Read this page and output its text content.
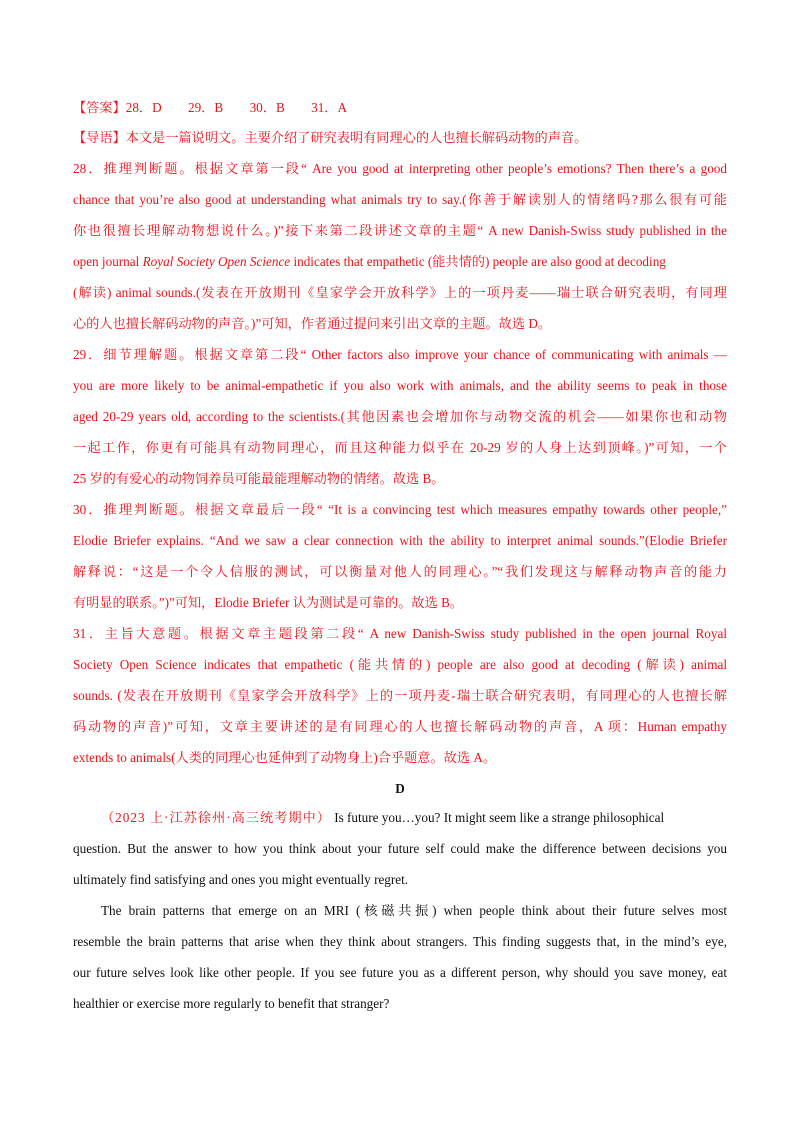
【答案】28．D　　29．B　　30．B　　31．A
【导语】本文是一篇说明文。主要介绍了研究表明有同理心的人也擅长解码动物的声音。
28．推理判断题。根据文章第一段“ Are you good at interpreting other people’s emotions? Then there’s a good
chance that you’re also good at understanding what animals try to say.(你善于解读别人的情绪吗?那么很有可能
你也很擅长理解动物想说什么。)”接下来第二段讲述文章的主题“ A new Danish-Swiss study published in the
open journal Royal Society Open Science indicates that empathetic (能共情的) people are also good at decoding
(解读) animal sounds.(发表在开放期刊《皇家学会开放科学》上的一项丹麦——瑞士联合研究表明，有同理
心的人也擅长解码动物的声音。)”可知，作者通过提问来引出文章的主题。故选 D。
29．细节理解题。根据文章第二段“ Other factors also improve your chance of communicating with animals —
you are more likely to be animal-empathetic if you also work with animals, and the ability seems to peak in those
aged 20-29 years old, according to the scientists.(其他因素也会增加你与动物交流的机会——如果你也和动物
一起工作，你更有可能具有动物同理心，而且这种能力似乎在 20-29 岁的人身上达到顶峰。)”可知，一个
25 岁的有爱心的动物饲养员可能最能理解动物的情绪。故选 B。
30．推理判断题。根据文章最后一段“ “It is a convincing test which measures empathy towards other people,”
Elodie Briefer explains. “And we saw a clear connection with the ability to interpret animal sounds.”(Elodie Briefer
解释说：“这是一个令人信服的测试，可以衡量对他人的同理心。”“我们发现这与解释动物声音的能力
有明显的联系。”)”可知，Elodie Briefer 认为测试是可靠的。故选 B。
31．主旨大意题。根据文章主题段第二段“ A new Danish-Swiss study published in the open journal Royal
Society Open Science indicates that empathetic (能共情的) people are also good at decoding (解读) animal
sounds. (发表在开放期刊《皇家学会开放科学》上的一项丹麦-瑞士联合研究表明，有同理心的人也擅长解
码动物的声音)”可知，文章主要讲述的是有同理心的人也擅长解码动物的声音，A 项：Human empathy
extends to animals(人类的同理心也延伸到了动物身上)合乎题意。故选 A。
D
（2023 上·江苏徐州·高三统考期中） Is future you…you? It might seem like a strange philosophical
question. But the answer to how you think about your future self could make the difference between decisions you
ultimately find satisfying and ones you might eventually regret.
The brain patterns that emerge on an MRI (核磁共振) when people think about their future selves most
resemble the brain patterns that arise when they think about strangers. This finding suggests that, in the mind’s eye,
our future selves look like other people. If you see future you as a different person, why should you save money, eat
healthier or exercise more regularly to benefit that stranger?
